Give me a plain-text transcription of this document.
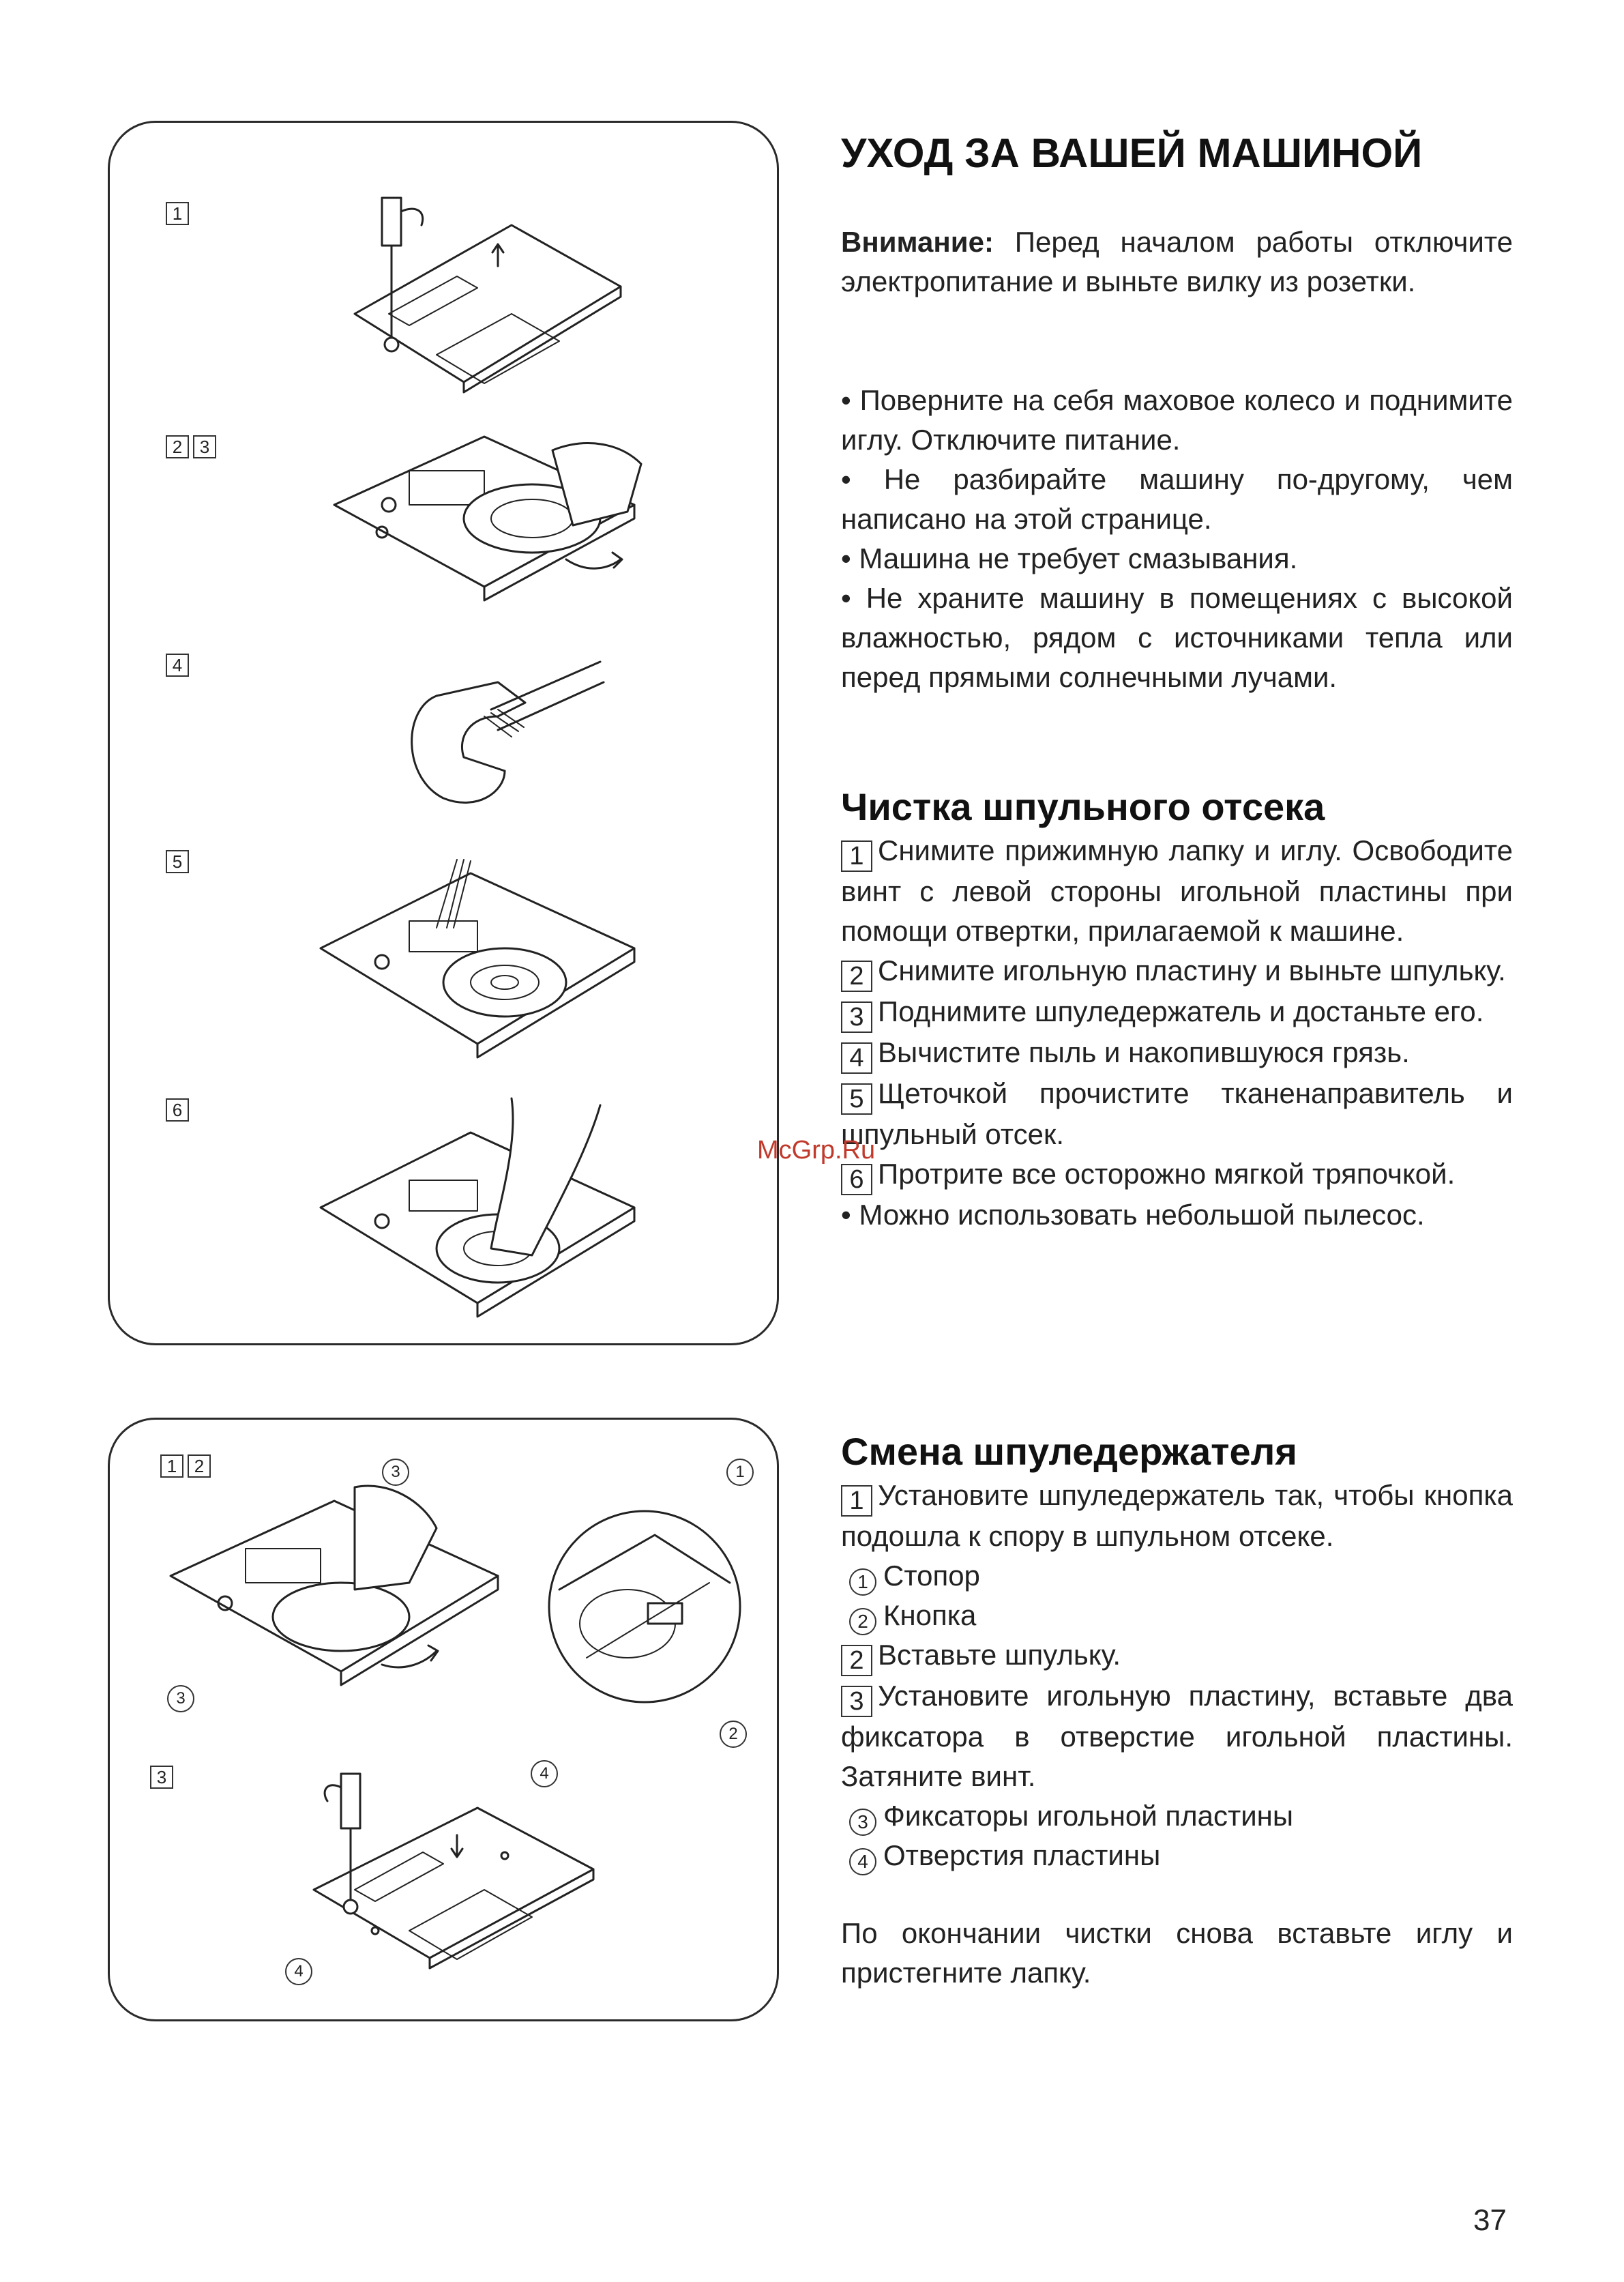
1
2 3
4
5
6
1 2	3
3
1
2
3	4
4
УХОД ЗА ВАШЕЙ МАШИНОЙ
Внимание: Перед началом работы отключите электропитание и выньте вилку из розетки.
• Поверните на себя маховое колесо и поднимите иглу. Отключите питание.
• Не разбирайте машину по-другому, чем написано на этой странице.
• Машина не требует смазывания.
• Не храните машину в помещениях с высокой влажностью, рядом с источниками тепла или перед прямыми солнечными лучами.
Чистка шпульного отсека
1 Снимите прижимную лапку и иглу. Освободите винт с левой стороны игольной пластины при помощи отвертки, прилагаемой к машине.
2 Снимите игольную пластину и выньте шпульку.
3 Поднимите шпуледержатель и достаньте его.
4 Вычистите пыль и накопившуюся грязь.
5 Щеточкой прочистите тканенаправитель и шпульный отсек.
6 Протрите все осторожно мягкой тряпочкой.
• Можно использовать небольшой пылесос.
Смена шпуледержателя
1 Установите шпуледержатель так, чтобы кнопка подошла к спору в шпульном отсеке.
1 Стопор
2 Кнопка
2 Вставьте шпульку.
3 Установите игольную пластину, вставьте два фиксатора в отверстие игольной пластины. Затяните винт.
3 Фиксаторы игольной пластины
4 Отверстия пластины
По окончании чистки снова вставьте иглу и пристегните лапку.
McGrp.Ru
37
